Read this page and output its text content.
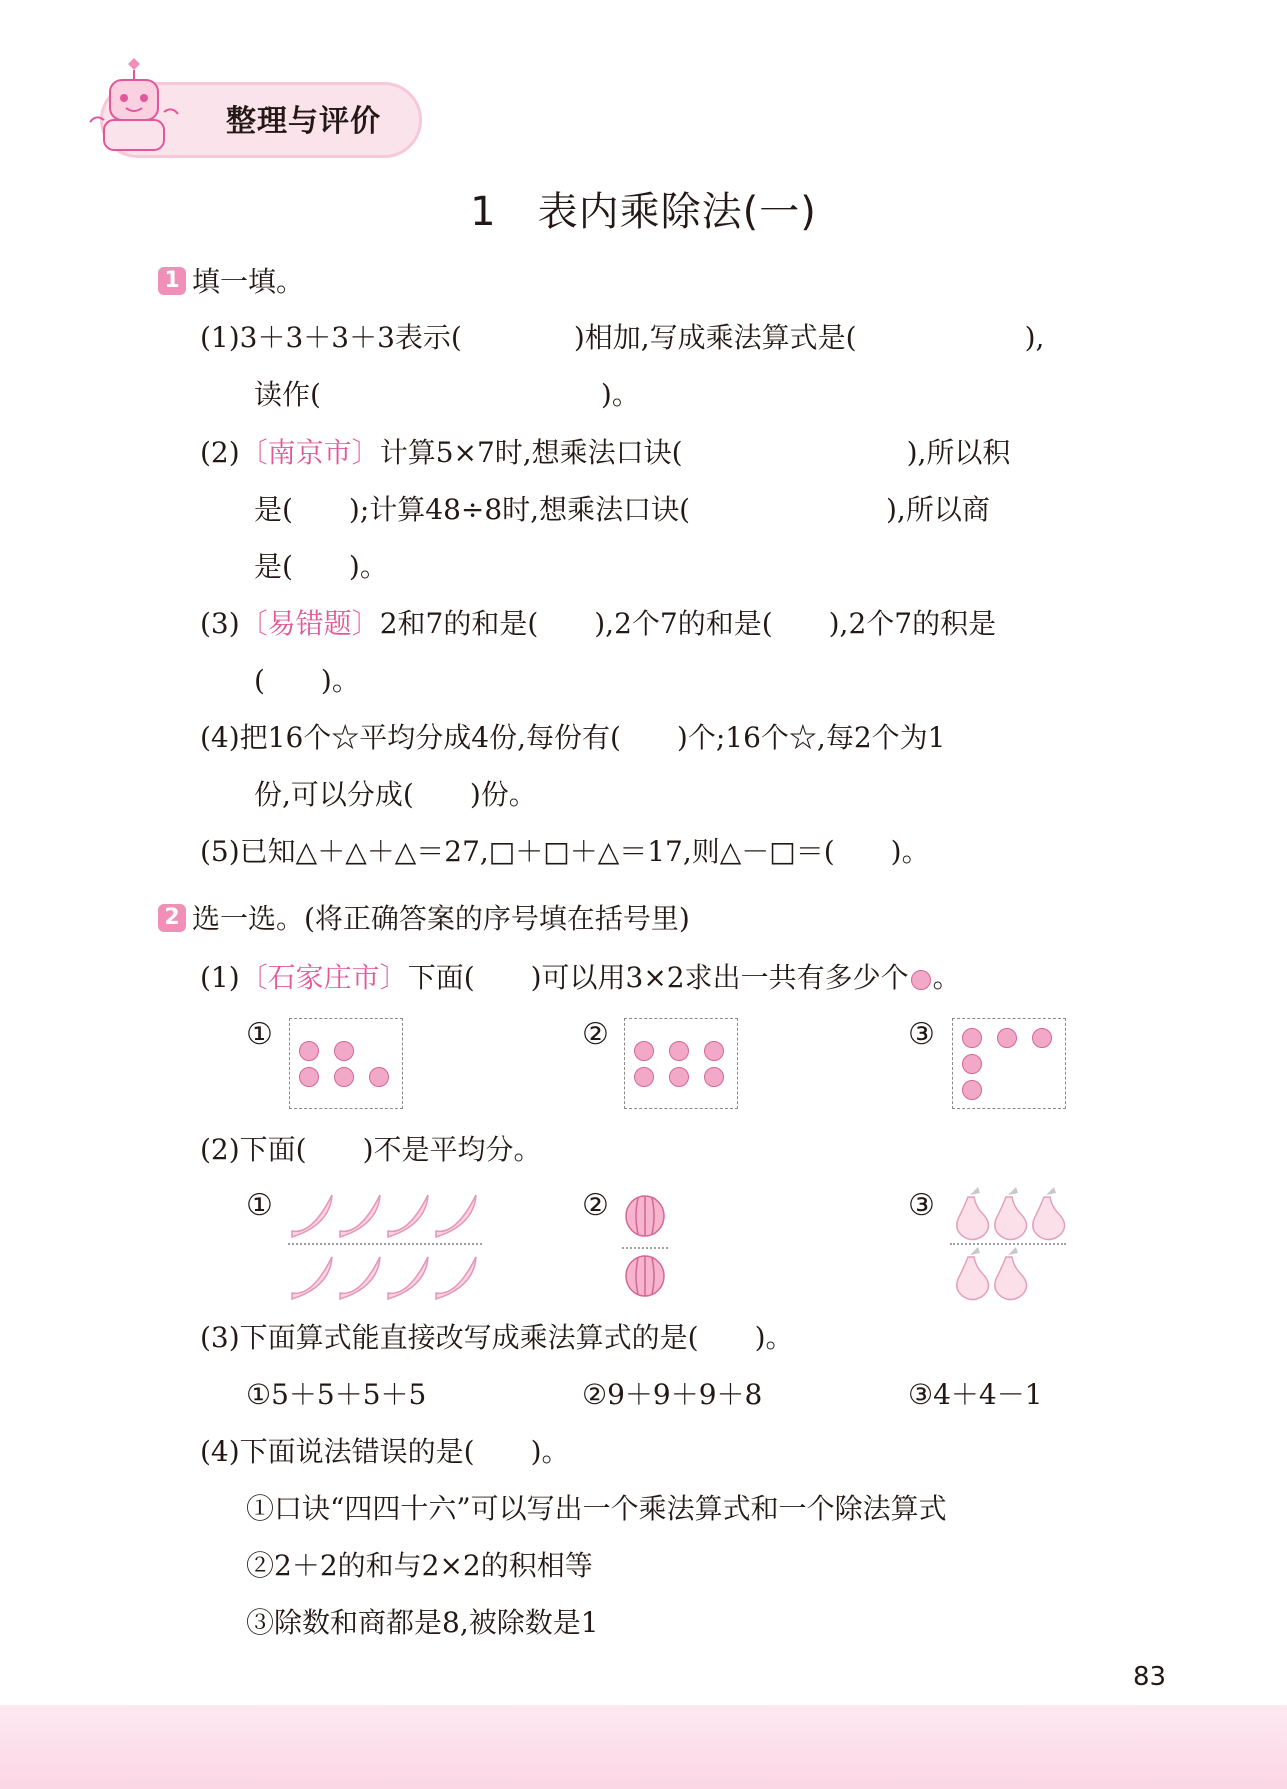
整理与评价
1　表内乘除法(一)
1 填一填。
(1)3＋3＋3＋3表示(　　　　)相加,写成乘法算式是(　　　　　　),
读作(　　　　　　　　　　)。
(2)〔南京市〕计算5×7时,想乘法口诀(　　　　　　　　),所以积
是(　　);计算48÷8时,想乘法口诀(　　　　　　　),所以商
是(　　)。
(3)〔易错题〕2和7的和是(　　),2个7的和是(　　),2个7的积是
(　　)。
(4)把16个☆平均分成4份,每份有(　　)个;16个☆,每2个为1
份,可以分成(　　)份。
(5)已知△＋△＋△＝27,□＋□＋△＝17,则△－□＝(　　)。
2 选一选。(将正确答案的序号填在括号里)
(1)〔石家庄市〕下面(　　)可以用3×2求出一共有多少个 。
①	②	③
(2)下面(　　)不是平均分。
①	②	③
(3)下面算式能直接改写成乘法算式的是(　　)。
①5＋5＋5＋5	②9＋9＋9＋8	③4＋4－1
(4)下面说法错误的是(　　)。
①口诀“四四十六”可以写出一个乘法算式和一个除法算式
②2＋2的和与2×2的积相等
③除数和商都是8,被除数是1
83
